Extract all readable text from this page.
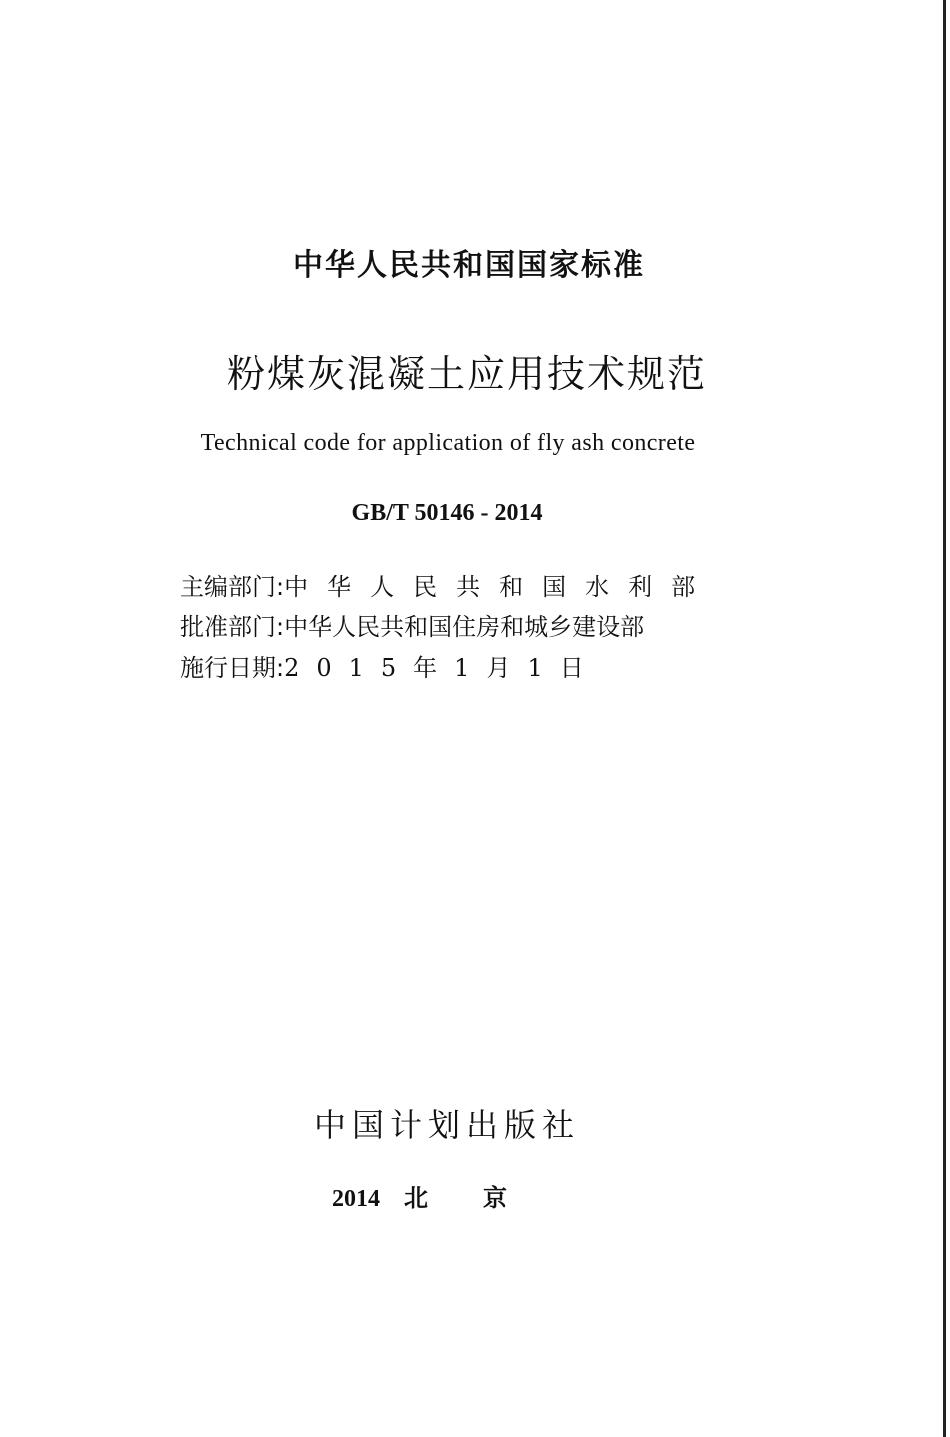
中华人民共和国国家标准
粉煤灰混凝土应用技术规范
Technical code for application of fly ash concrete
GB/T 50146 - 2014
主编部门:中华人民共和国水利部
批准部门:中华人民共和国住房和城乡建设部
施行日期:2015年1月1日
中国计划出版社
2014 北京
